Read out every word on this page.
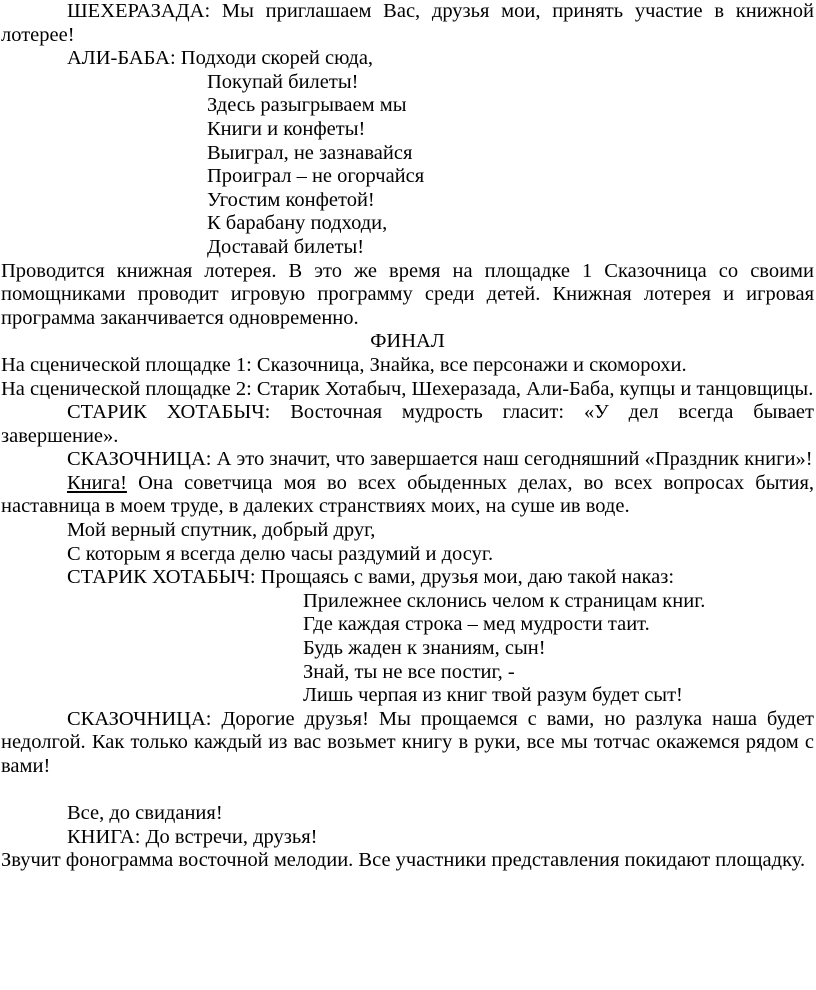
ШЕХЕРАЗАДА: Мы приглашаем Вас, друзья мои, принять участие в книжной лотерее!

АЛИ-БАБА: Подходи скорей сюда,

Покупай билеты!

Здесь разыгрываем мы

Книги и конфеты!

Выиграл, не зазнавайся

Проиграл – не огорчайся

Угостим конфетой!

К барабану подходи,

Доставай билеты!

Проводится книжная лотерея. В это же время на площадке 1 Сказочница со своими помощниками проводит игровую программу среди детей. Книжная лотерея и игровая программа заканчивается одновременно.

ФИНАЛ

На сценической площадке 1: Сказочница, Знайка, все персонажи и скоморохи.

На сценической площадке 2: Старик Хотабыч, Шехеразада, Али-Баба, купцы и танцовщицы.

СТАРИК ХОТАБЫЧ: Восточная мудрость гласит: «У дел всегда бывает завершение».

СКАЗОЧНИЦА: А это значит, что завершается наш сегодняшний «Праздник книги»!

Книга! Она советчица моя во всех обыденных делах, во всех вопросах бытия, наставница в моем труде, в далеких странствиях моих, на суше ив воде.

Мой верный спутник, добрый друг,

С которым я всегда делю часы раздумий и досуг.

СТАРИК ХОТАБЫЧ: Прощаясь с вами, друзья мои, даю такой наказ:

Прилежнее склонись челом к страницам книг.

Где каждая строка – мед мудрости таит.

Будь жаден к знаниям, сын!

Знай, ты не все постиг, -

Лишь черпая из книг твой разум будет сыт!

СКАЗОЧНИЦА: Дорогие друзья! Мы прощаемся с вами, но разлука наша будет недолгой. Как только каждый из вас возьмет книгу в руки, все мы тотчас окажемся рядом с вами!

Все, до свидания!

КНИГА: До встречи, друзья!

Звучит фонограмма восточной мелодии. Все участники представления покидают площадку.
